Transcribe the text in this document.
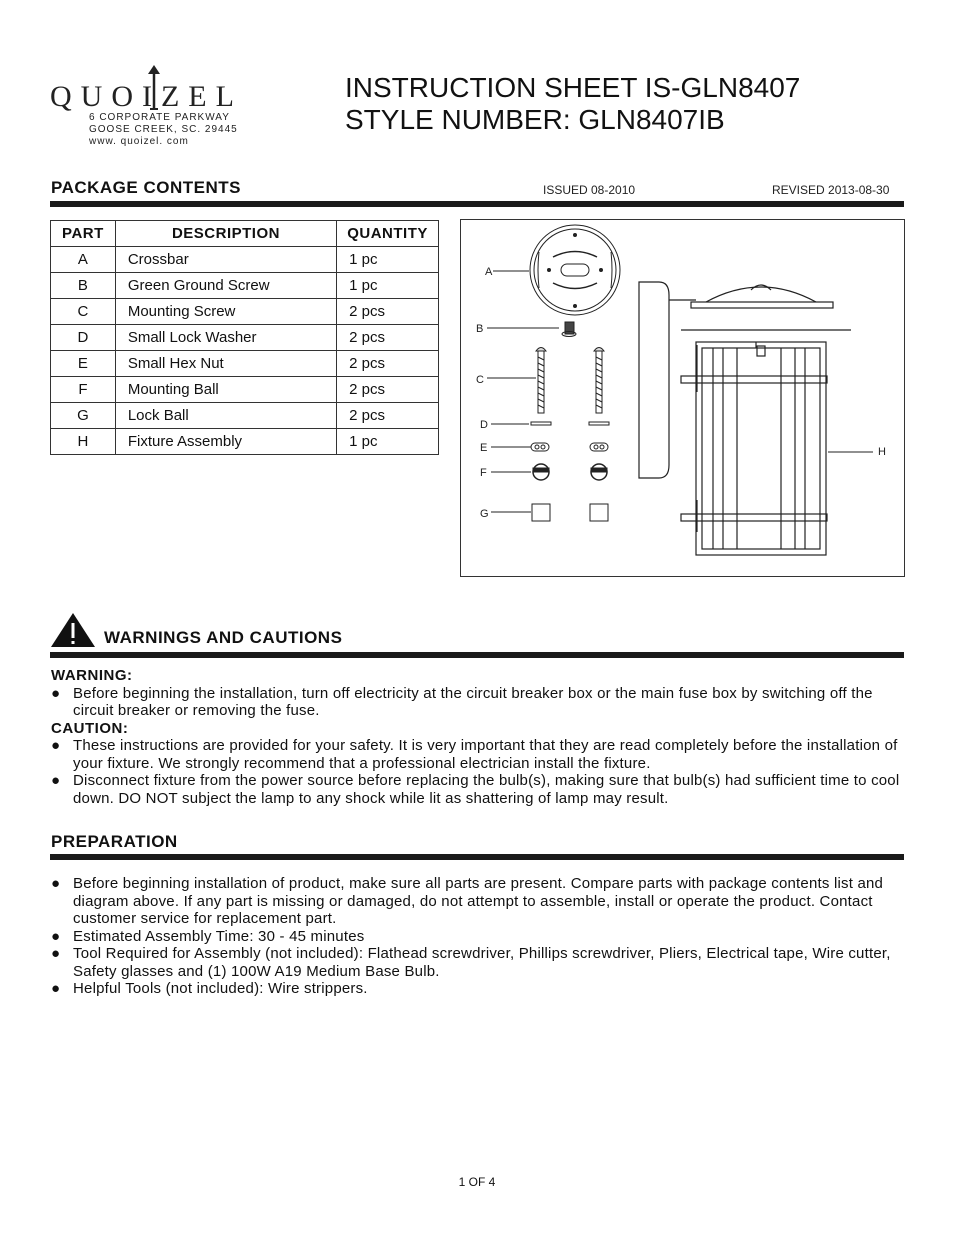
QUOIZEL
6 CORPORATE PARKWAY
GOOSE CREEK, SC. 29445
www. quoizel. com
INSTRUCTION SHEET IS-GLN8407
STYLE NUMBER: GLN8407IB
PACKAGE CONTENTS	ISSUED 08-2010	REVISED 2013-08-30
PART	DESCRIPTION	QUANTITY
A	Crossbar	1 pc
B	Green Ground Screw	1 pc
C	Mounting Screw	2 pcs
D	Small Lock Washer	2 pcs
E	Small Hex Nut	2 pcs
F	Mounting Ball	2 pcs
G	Lock Ball	2 pcs
H	Fixture Assembly	1 pc
A
B
C
D
E
F
G
H
WARNINGS AND CAUTIONS
WARNING:
● Before beginning the installation, turn off electricity at the circuit breaker box or the main fuse box by switching off the circuit breaker or removing the fuse.
CAUTION:
● These instructions are provided for your safety. It is very important that they are read completely before the installation of your fixture. We strongly recommend that a professional electrician install the fixture.
● Disconnect fixture from the power source before replacing the bulb(s), making sure that bulb(s) had sufficient time to cool down. DO NOT subject the lamp to any shock while lit as shattering of lamp may result.
PREPARATION
● Before beginning installation of product, make sure all parts are present. Compare parts with package contents list and diagram above. If any part is missing or damaged, do not attempt to assemble, install or operate the product. Contact customer service for replacement part.
● Estimated Assembly Time: 30 - 45 minutes
● Tool Required for Assembly (not included): Flathead screwdriver, Phillips screwdriver, Pliers, Electrical tape, Wire cutter, Safety glasses and (1) 100W A19 Medium Base Bulb.
● Helpful Tools (not included): Wire strippers.
1 OF 4
